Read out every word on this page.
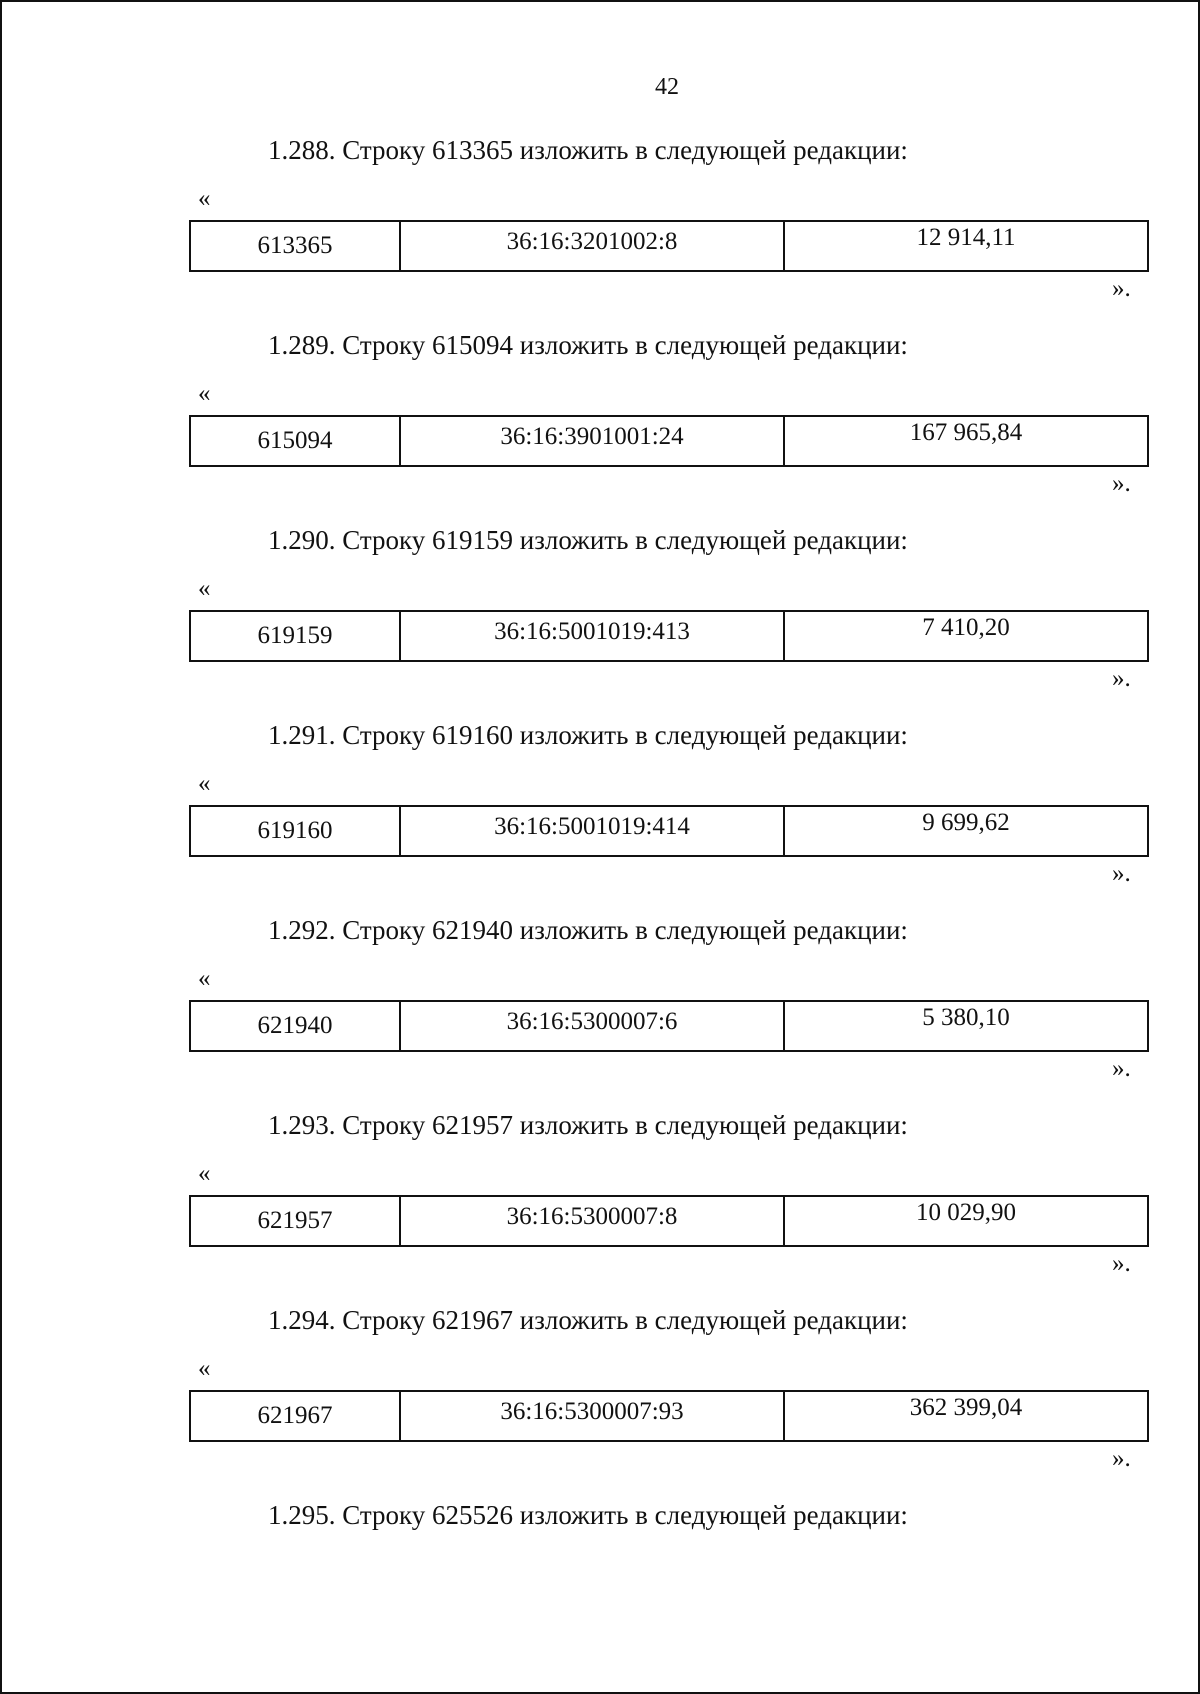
42
1.288. Строку 613365 изложить в следующей редакции:
«
613365	36:16:3201002:8	12 914,11
».
1.289. Строку 615094 изложить в следующей редакции:
«
615094	36:16:3901001:24	167 965,84
».
1.290. Строку 619159 изложить в следующей редакции:
«
619159	36:16:5001019:413	7 410,20
».
1.291. Строку 619160 изложить в следующей редакции:
«
619160	36:16:5001019:414	9 699,62
».
1.292. Строку 621940 изложить в следующей редакции:
«
621940	36:16:5300007:6	5 380,10
».
1.293. Строку 621957 изложить в следующей редакции:
«
621957	36:16:5300007:8	10 029,90
».
1.294. Строку 621967 изложить в следующей редакции:
«
621967	36:16:5300007:93	362 399,04
».
1.295. Строку 625526 изложить в следующей редакции:
